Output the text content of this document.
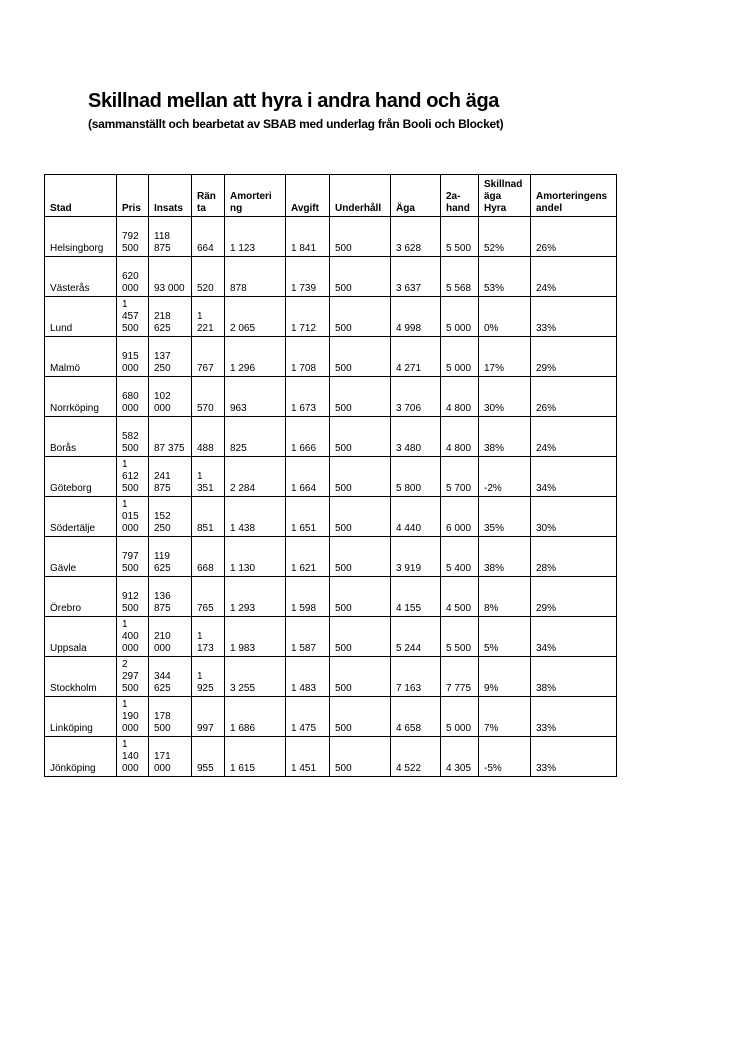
Skillnad mellan att hyra i andra hand och äga

(sammanställt och bearbetat av SBAB med underlag från Booli och Blocket)

Stad	Pris	Insats	Rän ta	Amorteri ng	Avgift	Underhåll	Äga	2a-hand	Skillnad äga Hyra	Amorteringens andel
Helsingborg	792 500	118 875	664	1 123	1 841	500	3 628	5 500	52%	26%
Västerås	620 000	93 000	520	878	1 739	500	3 637	5 568	53%	24%
Lund	1 457 500	218 625	1 221	2 065	1 712	500	4 998	5 000	0%	33%
Malmö	915 000	137 250	767	1 296	1 708	500	4 271	5 000	17%	29%
Norrköping	680 000	102 000	570	963	1 673	500	3 706	4 800	30%	26%
Borås	582 500	87 375	488	825	1 666	500	3 480	4 800	38%	24%
Göteborg	1 612 500	241 875	1 351	2 284	1 664	500	5 800	5 700	-2%	34%
Södertälje	1 015 000	152 250	851	1 438	1 651	500	4 440	6 000	35%	30%
Gävle	797 500	119 625	668	1 130	1 621	500	3 919	5 400	38%	28%
Örebro	912 500	136 875	765	1 293	1 598	500	4 155	4 500	8%	29%
Uppsala	1 400 000	210 000	1 173	1 983	1 587	500	5 244	5 500	5%	34%
Stockholm	2 297 500	344 625	1 925	3 255	1 483	500	7 163	7 775	9%	38%
Linköping	1 190 000	178 500	997	1 686	1 475	500	4 658	5 000	7%	33%
Jönköping	1 140 000	171 000	955	1 615	1 451	500	4 522	4 305	-5%	33%
